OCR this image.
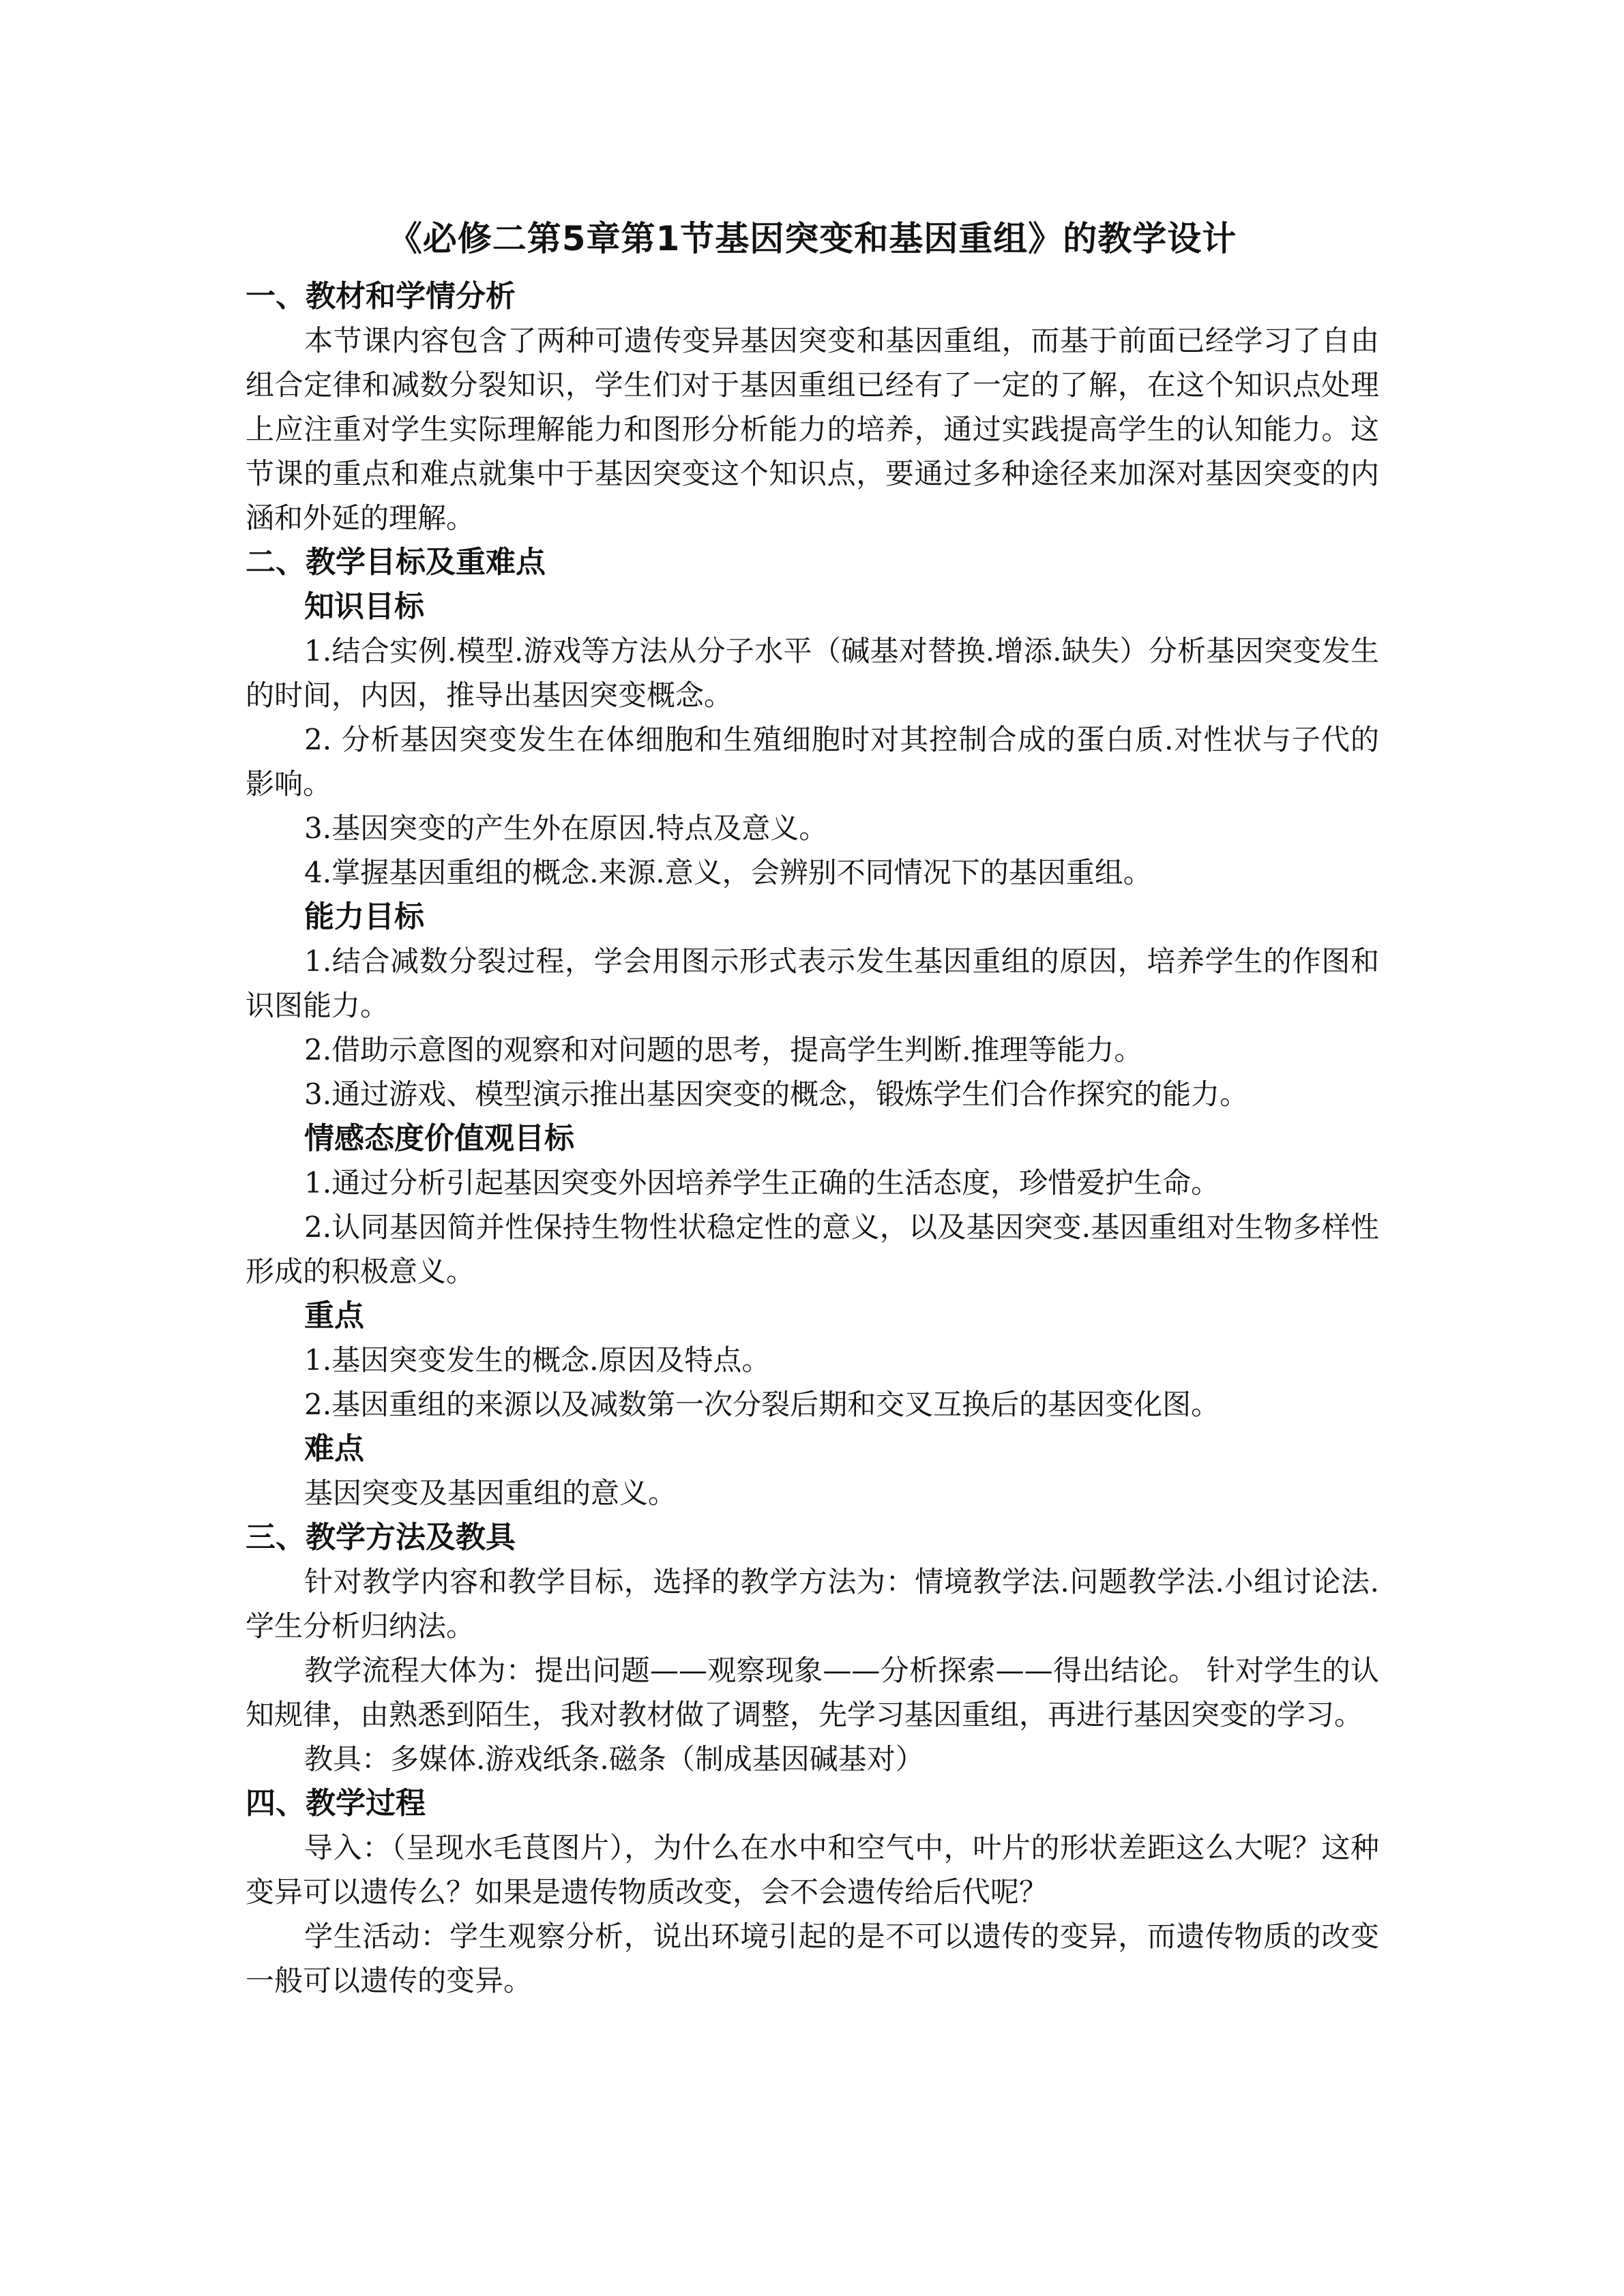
《必修二第5章第1节基因突变和基因重组》的教学设计
一、教材和学情分析

本节课内容包含了两种可遗传变异基因突变和基因重组，而基于前面已经学习了自由组合定律和减数分裂知识，学生们对于基因重组已经有了一定的了解，在这个知识点处理上应注重对学生实际理解能力和图形分析能力的培养，通过实践提高学生的认知能力。这节课的重点和难点就集中于基因突变这个知识点，要通过多种途径来加深对基因突变的内涵和外延的理解。

二、教学目标及重难点
知识目标

1.结合实例.模型.游戏等方法从分子水平（碱基对替换.增添.缺失）分析基因突变发生的时间，内因，推导出基因突变概念。

2. 分析基因突变发生在体细胞和生殖细胞时对其控制合成的蛋白质.对性状与子代的影响。

3.基因突变的产生外在原因.特点及意义。

4.掌握基因重组的概念.来源.意义，会辨别不同情况下的基因重组。

能力目标

1.结合减数分裂过程，学会用图示形式表示发生基因重组的原因，培养学生的作图和识图能力。

2.借助示意图的观察和对问题的思考，提高学生判断.推理等能力。

3.通过游戏、模型演示推出基因突变的概念，锻炼学生们合作探究的能力。

情感态度价值观目标

1.通过分析引起基因突变外因培养学生正确的生活态度，珍惜爱护生命。

2.认同基因简并性保持生物性状稳定性的意义，以及基因突变.基因重组对生物多样性形成的积极意义。

重点

1.基因突变发生的概念.原因及特点。

2.基因重组的来源以及减数第一次分裂后期和交叉互换后的基因变化图。

难点

基因突变及基因重组的意义。

三、教学方法及教具

针对教学内容和教学目标，选择的教学方法为：情境教学法.问题教学法.小组讨论法.学生分析归纳法。

教学流程大体为：提出问题——观察现象——分析探索——得出结论。 针对学生的认知规律，由熟悉到陌生，我对教材做了调整，先学习基因重组，再进行基因突变的学习。

教具：多媒体.游戏纸条.磁条（制成基因碱基对）

四、教学过程

导入：（呈现水毛茛图片），为什么在水中和空气中，叶片的形状差距这么大呢？这种变异可以遗传么？如果是遗传物质改变，会不会遗传给后代呢？

学生活动：学生观察分析，说出环境引起的是不可以遗传的变异，而遗传物质的改变一般可以遗传的变异。
